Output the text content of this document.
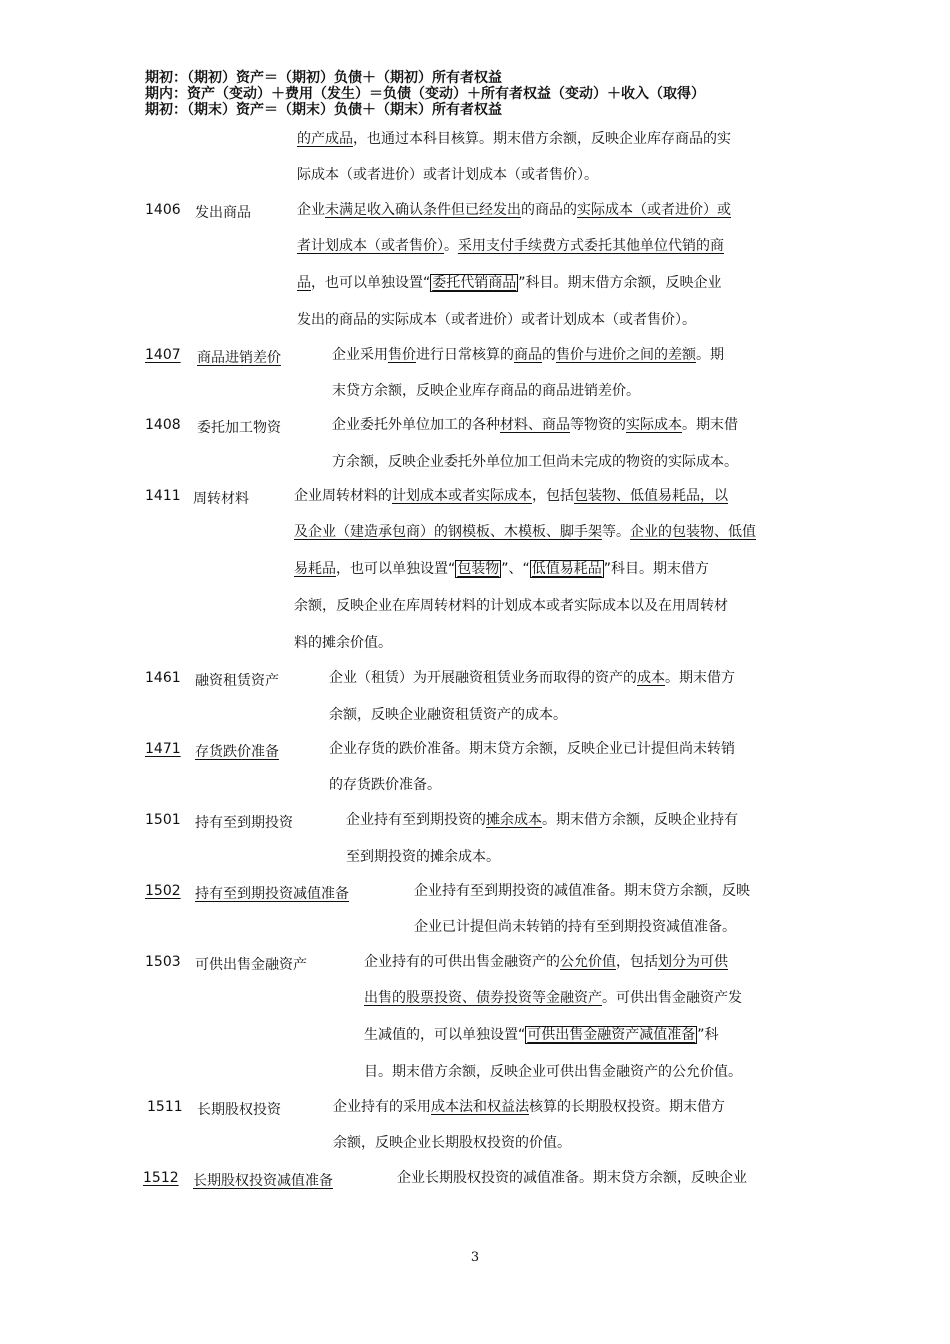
期初：（期初）资产＝（期初）负债＋（期初）所有者权益
期内：资产（变动）＋费用（发生）＝负债（变动）＋所有者权益（变动）＋收入（取得）
期初：（期末）资产＝（期末）负债＋（期末）所有者权益
的产成品，也通过本科目核算。期末借方余额，反映企业库存商品的实
际成本（或者进价）或者计划成本（或者售价）。
1406 发出商品	企业未满足收入确认条件但已经发出的商品的实际成本（或者进价）或
者计划成本（或者售价）。采用支付手续费方式委托其他单位代销的商
品，也可以单独设置“ 委托代销商品 ”科目。期末借方余额，反映企业
发出的商品的实际成本（或者进价）或者计划成本（或者售价）。
1407 商品进销差价	企业采用售价进行日常核算的商品的售价与进价之间的差额。期
末贷方余额，反映企业库存商品的商品进销差价。
1408 委托加工物资	企业委托外单位加工的各种材料、商品等物资的实际成本。期末借
方余额，反映企业委托外单位加工但尚未完成的物资的实际成本。
1411 周转材料	企业周转材料的计划成本或者实际成本，包括包装物、低值易耗品，以
及企业（建造承包商）的钢模板、木模板、脚手架等。企业的包装物、低值
易耗品，也可以单独设置“ 包装物 ”、“ 低值易耗品 ”科目。期末借方
余额，反映企业在库周转材料的计划成本或者实际成本以及在用周转材
料的摊余价值。
1461 融资租赁资产	企业（租赁）为开展融资租赁业务而取得的资产的成本。期末借方
余额，反映企业融资租赁资产的成本。
1471 存货跌价准备	企业存货的跌价准备。期末贷方余额，反映企业已计提但尚未转销
的存货跌价准备。
1501 持有至到期投资	企业持有至到期投资的摊余成本。期末借方余额，反映企业持有
至到期投资的摊余成本。
1502 持有至到期投资减值准备	企业持有至到期投资的减值准备。期末贷方余额，反映
企业已计提但尚未转销的持有至到期投资减值准备。
1503 可供出售金融资产	企业持有的可供出售金融资产的公允价值，包括划分为可供
出售的股票投资、债券投资等金融资产。可供出售金融资产发
生减值的，可以单独设置“ 可供出售金融资产减值准备 ”科
目。期末借方余额，反映企业可供出售金融资产的公允价值。
1511 长期股权投资	企业持有的采用成本法和权益法核算的长期股权投资。期末借方
余额，反映企业长期股权投资的价值。
1512 长期股权投资减值准备	企业长期股权投资的减值准备。期末贷方余额，反映企业
3
